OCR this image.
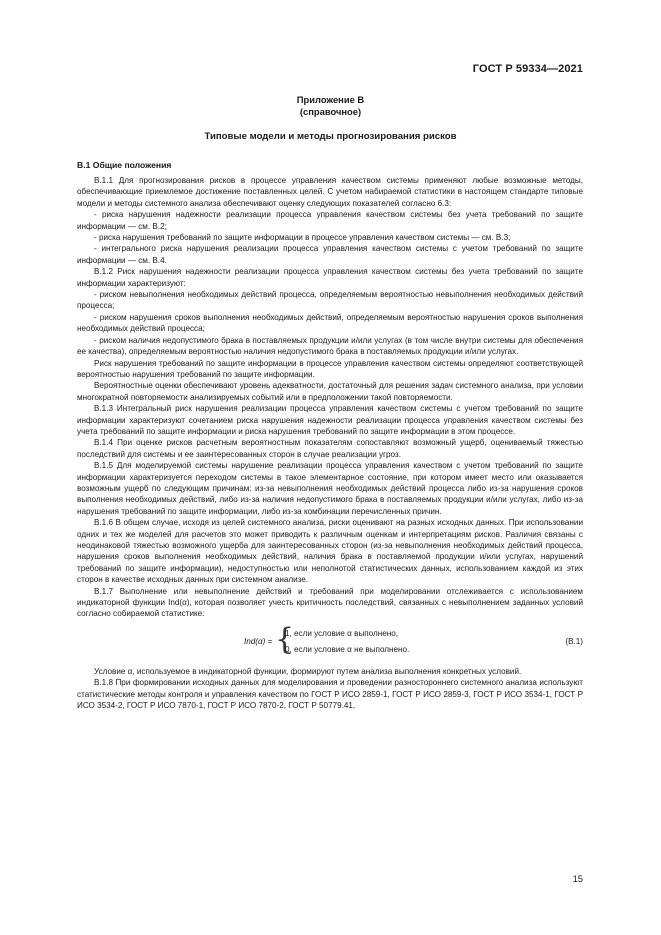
ГОСТ Р 59334—2021
Приложение В
(справочное)
Типовые модели и методы прогнозирования рисков
В.1 Общие положения

В.1.1 Для прогнозирования рисков в процессе управления качеством системы применяют любые возможные методы, обеспечивающие приемлемое достижение поставленных целей. С учетом набираемой статистики в настоящем стандарте типовые модели и методы системного анализа обеспечивают оценку следующих показателей согласно 6.3:

- риска нарушения надежности реализации процесса управления качеством системы без учета требований по защите информации — см. В.2;

- риска нарушения требований по защите информации в процессе управления качеством системы — см. В.3;

- интегрального риска нарушения реализации процесса управления качеством системы с учетом требований по защите информации — см. В.4.

В.1.2 Риск нарушения надежности реализации процесса управления качеством системы без учета требований по защите информации характеризуют:

- риском невыполнения необходимых действий процесса, определяемым вероятностью невыполнения необходимых действий процесса;

- риском нарушения сроков выполнения необходимых действий, определяемым вероятностью нарушения сроков выполнения необходимых действий процесса;

- риском наличия недопустимого брака в поставляемых продукции и/или услугах (в том числе внутри системы для обеспечения ее качества), определяемым вероятностью наличия недопустимого брака в поставляемых продукции и/или услугах.

Риск нарушения требований по защите информации в процессе управления качеством системы определяют соответствующей вероятностью нарушения требований по защите информации.

Вероятностные оценки обеспечивают уровень адекватности, достаточный для решения задач системного анализа, при условии многократной повторяемости анализируемых событий или в предположении такой повторяемости.

В.1.3 Интегральный риск нарушения реализации процесса управления качеством системы с учетом требований по защите информации характеризуют сочетанием риска нарушения надежности реализации процесса управления качеством системы без учета требований по защите информации и риска нарушения требований по защите информации в этом процессе.

В.1.4 При оценке рисков расчетным вероятностным показателям сопоставляют возможный ущерб, оцениваемый тяжестью последствий для системы и ее заинтересованных сторон в случае реализации угроз.

В.1.5 Для моделируемой системы нарушение реализации процесса управления качеством с учетом требований по защите информации характеризуется переходом системы в такое элементарное состояние, при котором имеет место или оказывается возможным ущерб по следующим причинам: из-за невыполнения необходимых действий процесса либо из-за нарушения сроков выполнения необходимых действий, либо из-за наличия недопустимого брака в поставляемых продукции и/или услугах, либо из-за нарушения требований по защите информации, либо из-за комбинации перечисленных причин.

В.1.6 В общем случае, исходя из целей системного анализа, риски оценивают на разных исходных данных. При использовании одних и тех же моделей для расчетов это может приводить к различным оценкам и интерпретациям рисков. Различия связаны с неодинаковой тяжестью возможного ущерба для заинтересованных сторон (из-за невыполнения необходимых действий процесса, нарушения сроков выполнения необходимых действий, наличия брака в поставляемой продукции и/или услугах, нарушений требований по защите информации), недоступностью или неполнотой статистических данных, использованием каждой из этих сторон в качестве исходных данных при системном анализе.

В.1.7 Выполнение или невыполнение действий и требований при моделировании отслеживается с использованием индикаторной функции Ind(α), которая позволяет учесть критичность последствий, связанных с невыполнением заданных условий согласно собираемой статистике:

Ind(α) = {
1, если условие α выполнено,
0, если условие α не выполнено.
(В.1)

Условие α, используемое в индикаторной функции, формируют путем анализа выполнения конкретных условий.

В.1.8 При формировании исходных данных для моделирования и проведении разностороннего системного анализа используют статистические методы контроля и управления качеством по ГОСТ Р ИСО 2859-1, ГОСТ Р ИСО 2859-3, ГОСТ Р ИСО 3534-1, ГОСТ Р ИСО 3534-2, ГОСТ Р ИСО 7870-1, ГОСТ Р ИСО 7870-2, ГОСТ Р 50779.41,

15
